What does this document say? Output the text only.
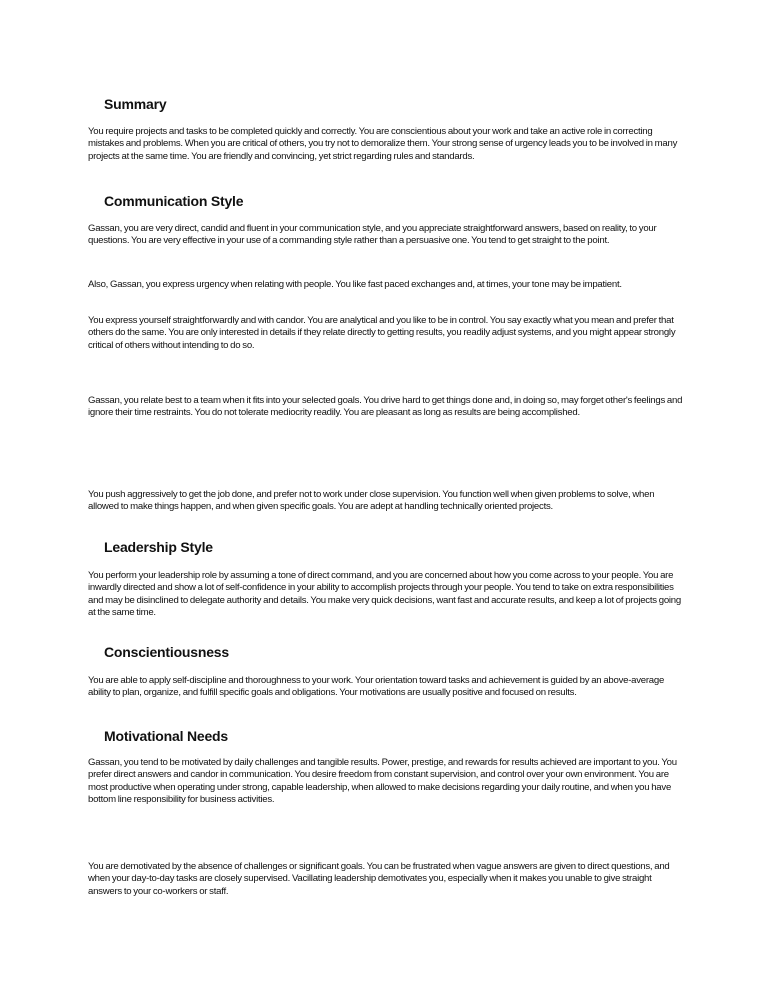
Summary

You require projects and tasks to be completed quickly and correctly. You are conscientious about your work and take an active role in correcting mistakes and problems. When you are critical of others, you try not to demoralize them. Your strong sense of urgency leads you to be involved in many projects at the same time. You are friendly and convincing, yet strict regarding rules and standards.

Communication Style

Gassan, you are very direct, candid and fluent in your communication style, and you appreciate straightforward answers, based on reality, to your questions. You are very effective in your use of a commanding style rather than a persuasive one. You tend to get straight to the point.

Also, Gassan, you express urgency when relating with people. You like fast paced exchanges and, at times, your tone may be impatient.

You express yourself straightforwardly and with candor. You are analytical and you like to be in control. You say exactly what you mean and prefer that others do the same. You are only interested in details if they relate directly to getting results, you readily adjust systems, and you might appear strongly critical of others without intending to do so.

Gassan, you relate best to a team when it fits into your selected goals. You drive hard to get things done and, in doing so, may forget other's feelings and ignore their time restraints. You do not tolerate mediocrity readily. You are pleasant as long as results are being accomplished.

You push aggressively to get the job done, and prefer not to work under close supervision. You function well when given problems to solve, when allowed to make things happen, and when given specific goals. You are adept at handling technically oriented projects.

Leadership Style

You perform your leadership role by assuming a tone of direct command, and you are concerned about how you come across to your people. You are inwardly directed and show a lot of self-confidence in your ability to accomplish projects through your people. You tend to take on extra responsibilities and may be disinclined to delegate authority and details. You make very quick decisions, want fast and accurate results, and keep a lot of projects going at the same time.

Conscientiousness

You are able to apply self-discipline and thoroughness to your work. Your orientation toward tasks and achievement is guided by an above-average ability to plan, organize, and fulfill specific goals and obligations. Your motivations are usually positive and focused on results.

Motivational Needs

Gassan, you tend to be motivated by daily challenges and tangible results. Power, prestige, and rewards for results achieved are important to you. You prefer direct answers and candor in communication. You desire freedom from constant supervision, and control over your own environment. You are most productive when operating under strong, capable leadership, when allowed to make decisions regarding your daily routine, and when you have bottom line responsibility for business activities.

You are demotivated by the absence of challenges or significant goals. You can be frustrated when vague answers are given to direct questions, and when your day-to-day tasks are closely supervised. Vacillating leadership demotivates you, especially when it makes you unable to give straight answers to your co-workers or staff.
